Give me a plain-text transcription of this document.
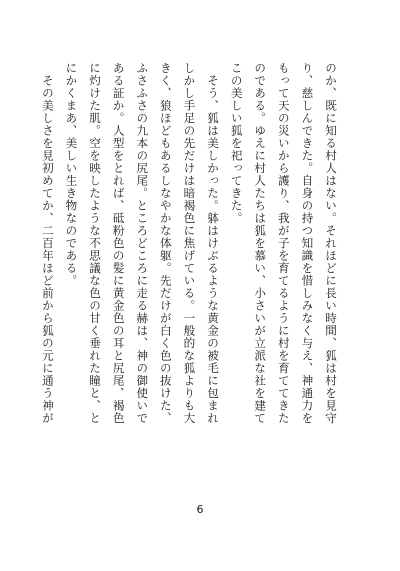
のか、既に知る村人はない。それほどに長い時間、狐は村を見守
り、慈しんできた。自身の持つ知識を惜しみなく与え、神通力を
もって天の災いから護り、我が子を育てるように村を育ててきた
のである。ゆえに村人たちは狐を慕い、小さいが立派な社を建て
この美しい狐を祀ってきた。
　そう、狐は美しかった。躰はけぶるような黄金の被毛に包まれ
しかし手足の先だけは暗褐色に焦げている。一般的な狐よりも大
きく、狼ほどもあるしなやかな体躯。先だけが白く色の抜けた、
ふさふさの九本の尻尾。ところどころに走る赫は、神の御使いで
ある証か。人型をとれば、砥粉色の髪に黄金色の耳と尻尾、褐色
に灼けた肌。空を映したような不思議な色の甘く垂れた瞳と、と
にかくまあ、美しい生き物なのである。
　その美しさを見初めてか、二百年ほど前から狐の元に通う神が
6
